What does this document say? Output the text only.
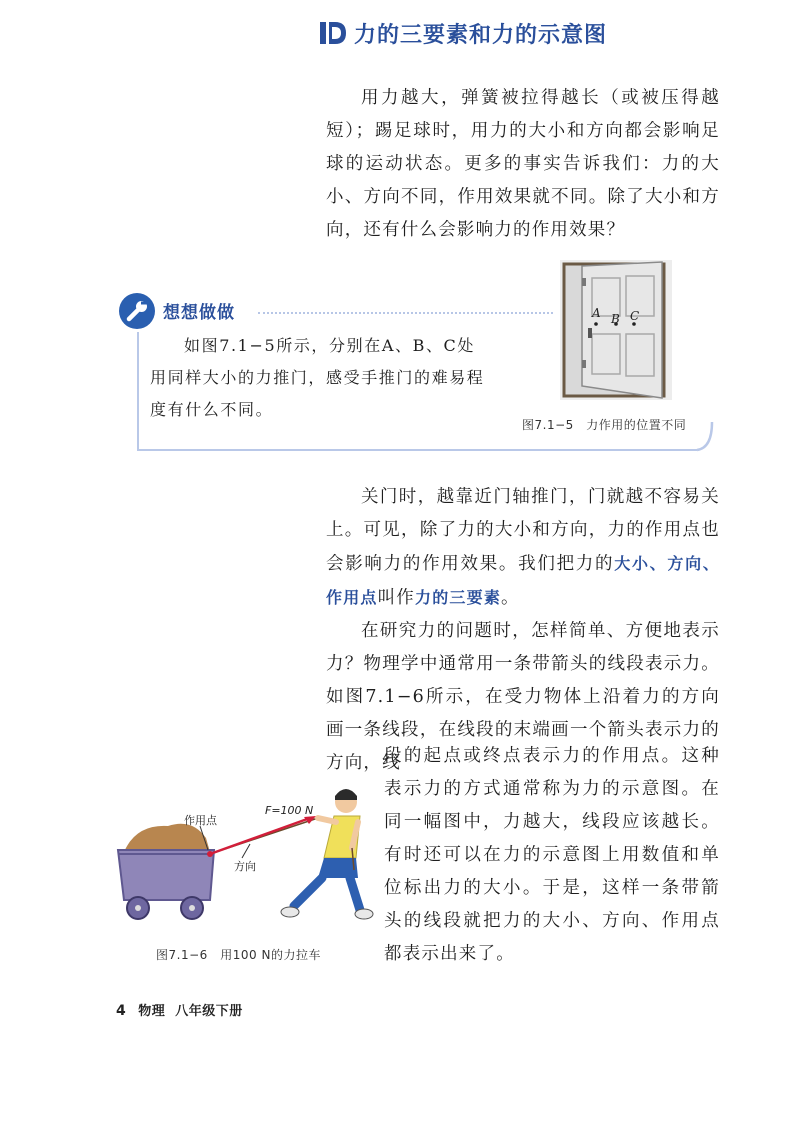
力的三要素和力的示意图
用力越大，弹簧被拉得越长（或被压得越短）；踢足球时，用力的大小和方向都会影响足球的运动状态。更多的事实告诉我们：力的大小、方向不同，作用效果就不同。除了大小和方向，还有什么会影响力的作用效果？
想想做做

如图7.1−5所示，分别在A、B、C处用同样大小的力推门，感受手推门的难易程度有什么不同。

A B C
图7.1−5　力作用的位置不同

关门时，越靠近门轴推门，门就越不容易关上。可见，除了力的大小和方向，力的作用点也会影响力的作用效果。我们把力的大小、方向、作用点叫作力的三要素。

在研究力的问题时，怎样简单、方便地表示力？物理学中通常用一条带箭头的线段表示力。如图7.1−6所示，在受力物体上沿着力的方向画一条线段，在线段的末端画一个箭头表示力的方向，线

段的起点或终点表示力的作用点。这种表示力的方式通常称为力的示意图。在同一幅图中，力越大，线段应该越长。有时还可以在力的示意图上用数值和单位标出力的大小。于是，这样一条带箭头的线段就把力的大小、方向、作用点都表示出来了。
作用点
F=100 N
方向
图7.1−6　用100 N的力拉车
4 物理 八年级下册
